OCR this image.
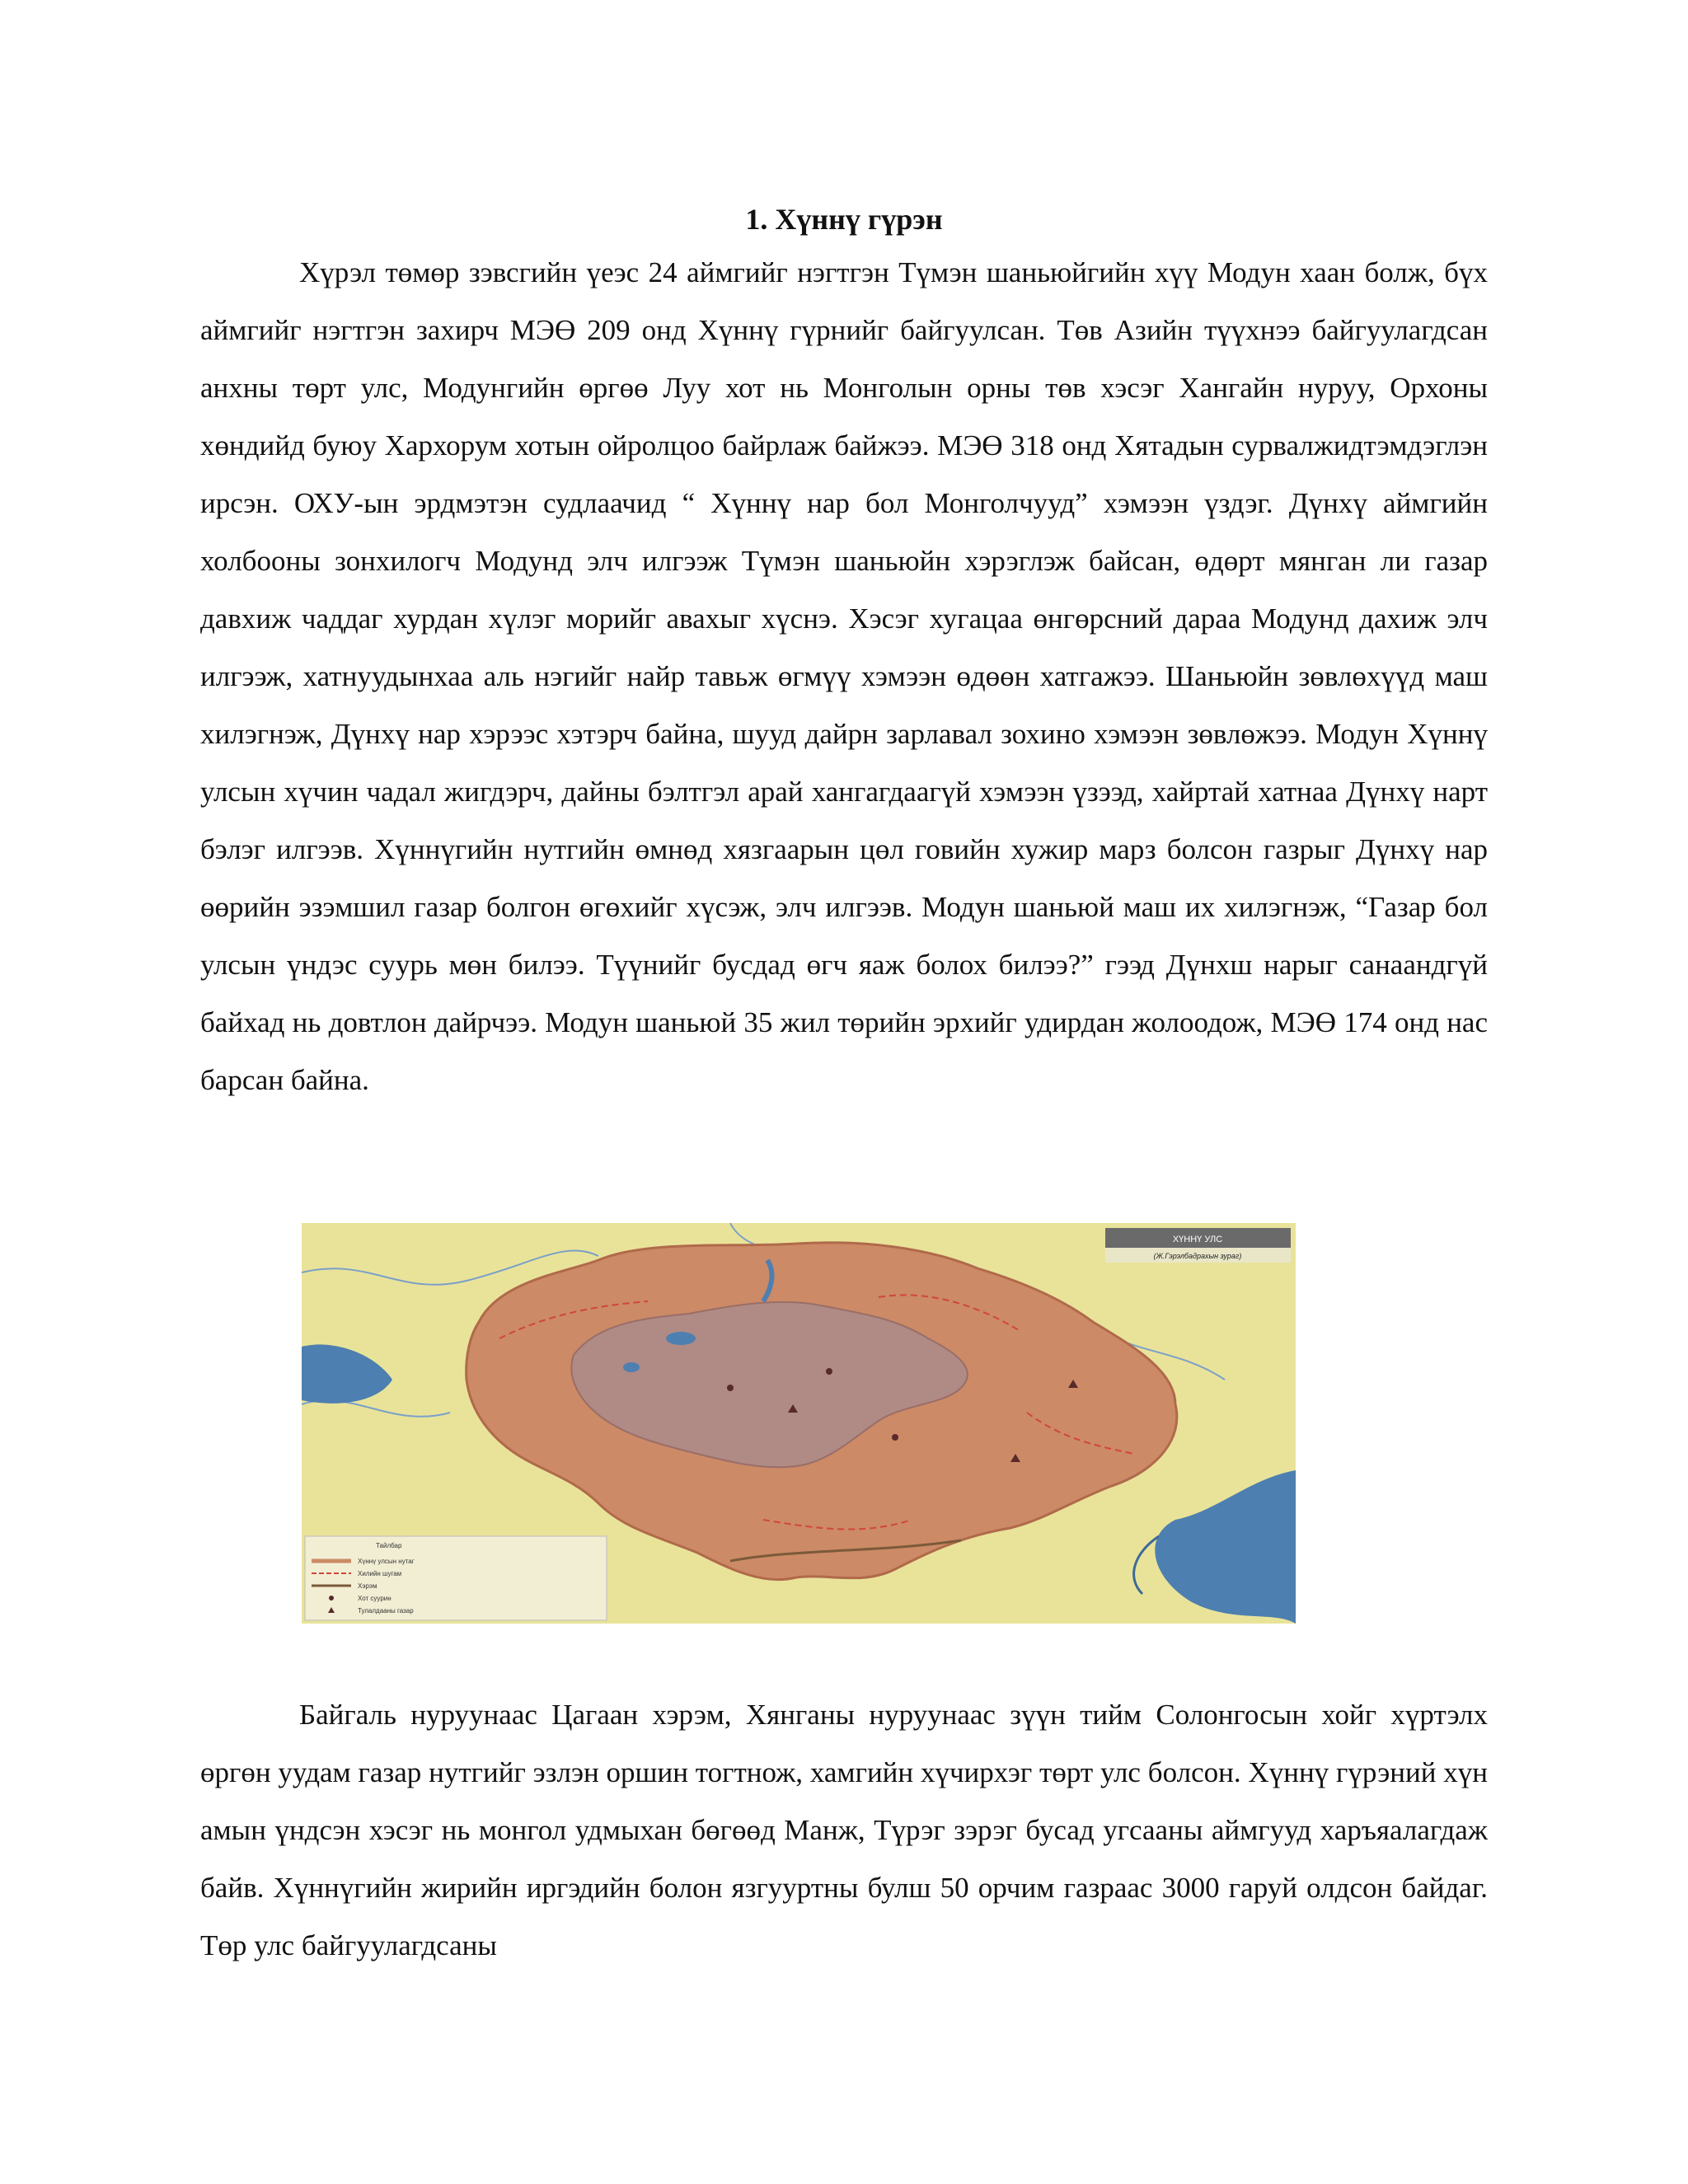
1. Хүннү гүрэн

Хүрэл төмөр зэвсгийн үеэс 24 аймгийг нэгтгэн Түмэн шаньюйгийн хүү Модун хаан болж, бүх аймгийг нэгтгэн захирч МЭӨ 209 онд Хүннү гүрнийг байгуулсан. Төв Азийн түүхнээ байгуулагдсан анхны төрт улс, Модунгийн өргөө Луу хот нь Монголын орны төв хэсэг Хангайн нуруу, Орхоны хөндийд буюу Хархорум хотын ойролцоо байрлаж байжээ. МЭӨ 318 онд Хятадын сурвалжидтэмдэглэн ирсэн. ОХУ-ын эрдмэтэн судлаачид “ Хүннү нар бол Монголчууд” хэмээн үздэг. Дүнхү аймгийн холбооны зонхилогч Модунд элч илгээж Түмэн шаньюйн хэрэглэж байсан, өдөрт мянган ли газар давхиж чаддаг хурдан хүлэг морийг авахыг хүснэ. Хэсэг хугацаа өнгөрсний дараа Модунд дахиж элч илгээж, хатнуудынхаа аль нэгийг найр тавьж өгмүү хэмээн өдөөн хатгажээ. Шаньюйн зөвлөхүүд маш хилэгнэж, Дүнхү нар хэрээс хэтэрч байна, шууд дайрн зарлавал зохино хэмээн зөвлөжээ. Модун Хүннү улсын хүчин чадал жигдэрч, дайны бэлтгэл арай хангагдаагүй хэмээн үзээд, хайртай хатнаа Дүнхү нарт бэлэг илгээв. Хүннүгийн нутгийн өмнөд хязгаарын цөл говийн хужир марз болсон газрыг Дүнхү нар өөрийн эзэмшил газар болгон өгөхийг хүсэж, элч илгээв. Модун шаньюй маш их хилэгнэж, “Газар бол улсын үндэс суурь мөн билээ. Түүнийг бусдад өгч яаж болох билээ?” гээд Дүнхш нарыг санаандгүй байхад нь довтлон дайрчээ. Модун шаньюй 35 жил төрийн эрхийг удирдан жолоодож, МЭӨ 174 онд нас барсан байна.

ХҮННҮ УЛС
(Ж.Гэрэлбадрахын зураг)
Тайлбар
Хүннү улсын нутаг
Хилийн шугам
Хэрэм
Хот суурин
Тулалдааны газар

Байгаль нуруунаас Цагаан хэрэм, Хянганы нуруунаас зүүн тийм Солонгосын хойг хүртэлх өргөн уудам газар нутгийг эзлэн оршин тогтнож, хамгийн хүчирхэг төрт улс болсон. Хүннү гүрэний хүн амын үндсэн хэсэг нь монгол удмыхан бөгөөд Манж, Түрэг зэрэг бусад угсааны аймгууд харъяалагдаж байв. Хүннүгийн жирийн иргэдийн болон язгууртны булш 50 орчим газраас 3000 гаруй олдсон байдаг. Төр улс байгуулагдсаны
